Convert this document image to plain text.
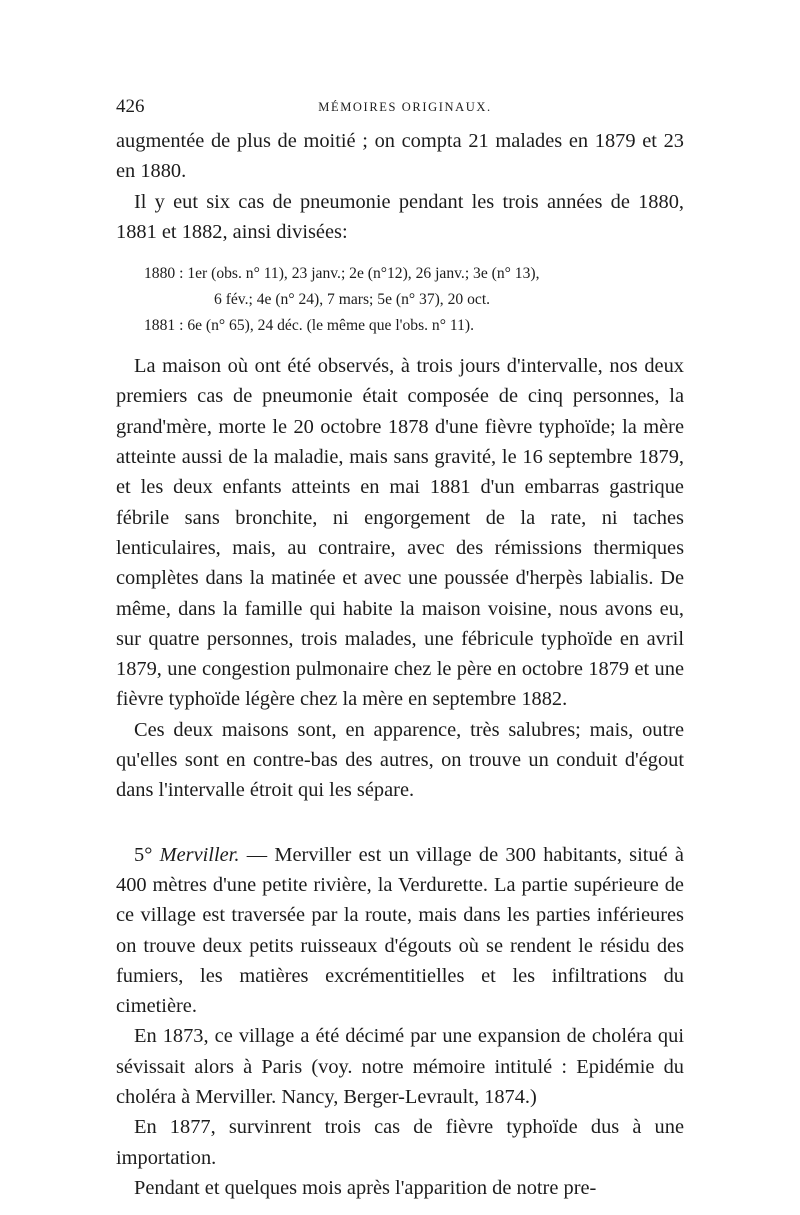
426	MÉMOIRES ORIGINAUX.

augmentée de plus de moitié ; on compta 21 malades en 1879 et 23 en 1880.

Il y eut six cas de pneumonie pendant les trois années de 1880, 1881 et 1882, ainsi divisées:

1880 : 1er (obs. n° 11), 23 janv.; 2e (n°12), 26 janv.; 3e (n° 13),
6 fév.; 4e (n° 24), 7 mars; 5e (n° 37), 20 oct.
1881 : 6e (n° 65), 24 déc. (le même que l'obs. n° 11).

La maison où ont été observés, à trois jours d'intervalle, nos deux premiers cas de pneumonie était composée de cinq personnes, la grand'mère, morte le 20 octobre 1878 d'une fièvre typhoïde; la mère atteinte aussi de la maladie, mais sans gravité, le 16 septembre 1879, et les deux enfants atteints en mai 1881 d'un embarras gastrique fébrile sans bronchite, ni engorgement de la rate, ni taches lenticulaires, mais, au contraire, avec des rémissions thermiques complètes dans la matinée et avec une poussée d'herpès labialis. De même, dans la famille qui habite la maison voisine, nous avons eu, sur quatre personnes, trois malades, une fébricule typhoïde en avril 1879, une congestion pulmonaire chez le père en octobre 1879 et une fièvre typhoïde légère chez la mère en septembre 1882.

Ces deux maisons sont, en apparence, très salubres; mais, outre qu'elles sont en contre-bas des autres, on trouve un conduit d'égout dans l'intervalle étroit qui les sépare.

5° Merviller. — Merviller est un village de 300 habitants, situé à 400 mètres d'une petite rivière, la Verdurette. La partie supérieure de ce village est traversée par la route, mais dans les parties inférieures on trouve deux petits ruisseaux d'égouts où se rendent le résidu des fumiers, les matières excrémentitielles et les infiltrations du cimetière.

En 1873, ce village a été décimé par une expansion de choléra qui sévissait alors à Paris (voy. notre mémoire intitulé : Epidémie du choléra à Merviller. Nancy, Berger-Levrault, 1874.)

En 1877, survinrent trois cas de fièvre typhoïde dus à une importation.

Pendant et quelques mois après l'apparition de notre pre-
